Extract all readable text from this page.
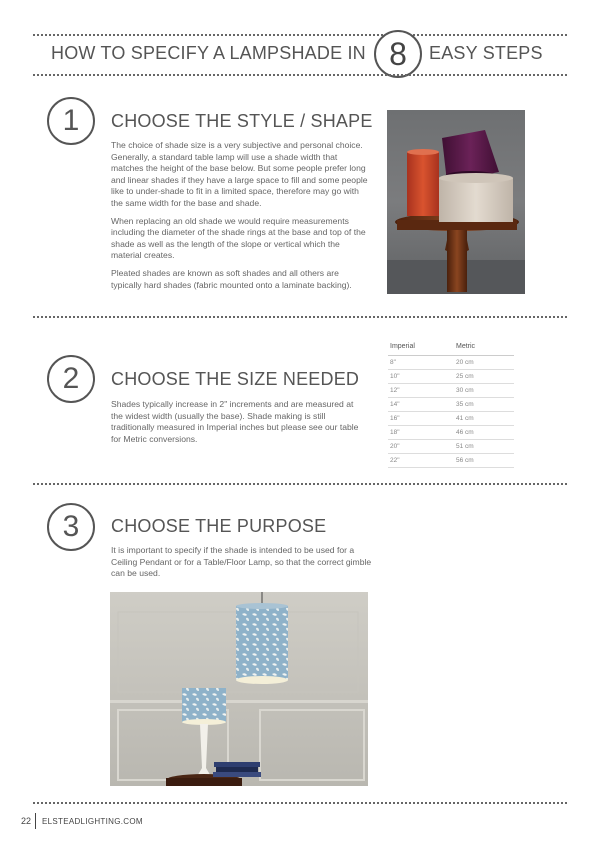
HOW TO SPECIFY A LAMPSHADE IN 8	EASY STEPS
1	CHOOSE THE STYLE / SHAPE

The choice of shade size is a very subjective and personal choice. Generally, a standard table lamp will use a shade width that matches the height of the base below. But some people prefer long and linear shades if they have a large space to fill and some people like to under-shade to fit in a limited space, therefore may go with the same width for the base and shade.

When replacing an old shade we would require measurements including the diameter of the shade rings at the base and top of the shade as well as the length of the slope or vertical which the material creates.

Pleated shades are known as soft shades and all others are typically hard shades (fabric mounted onto a laminate backing).

2	CHOOSE THE SIZE NEEDED

Shades typically increase in 2" increments and are measured at the widest width (usually the base). Shade making is still traditionally measured in Imperial inches but please see our table for Metric conversions.

Imperial	Metric
8"	20 cm
10"	25 cm
12"	30 cm
14"	35 cm
16"	41 cm
18"	46 cm
20"	51 cm
22"	56 cm
3	CHOOSE THE PURPOSE

It is important to specify if the shade is intended to be used for a Ceiling Pendant or for a Table/Floor Lamp, so that the correct gimble can be used.

22 ELSTEADLIGHTING.COM
